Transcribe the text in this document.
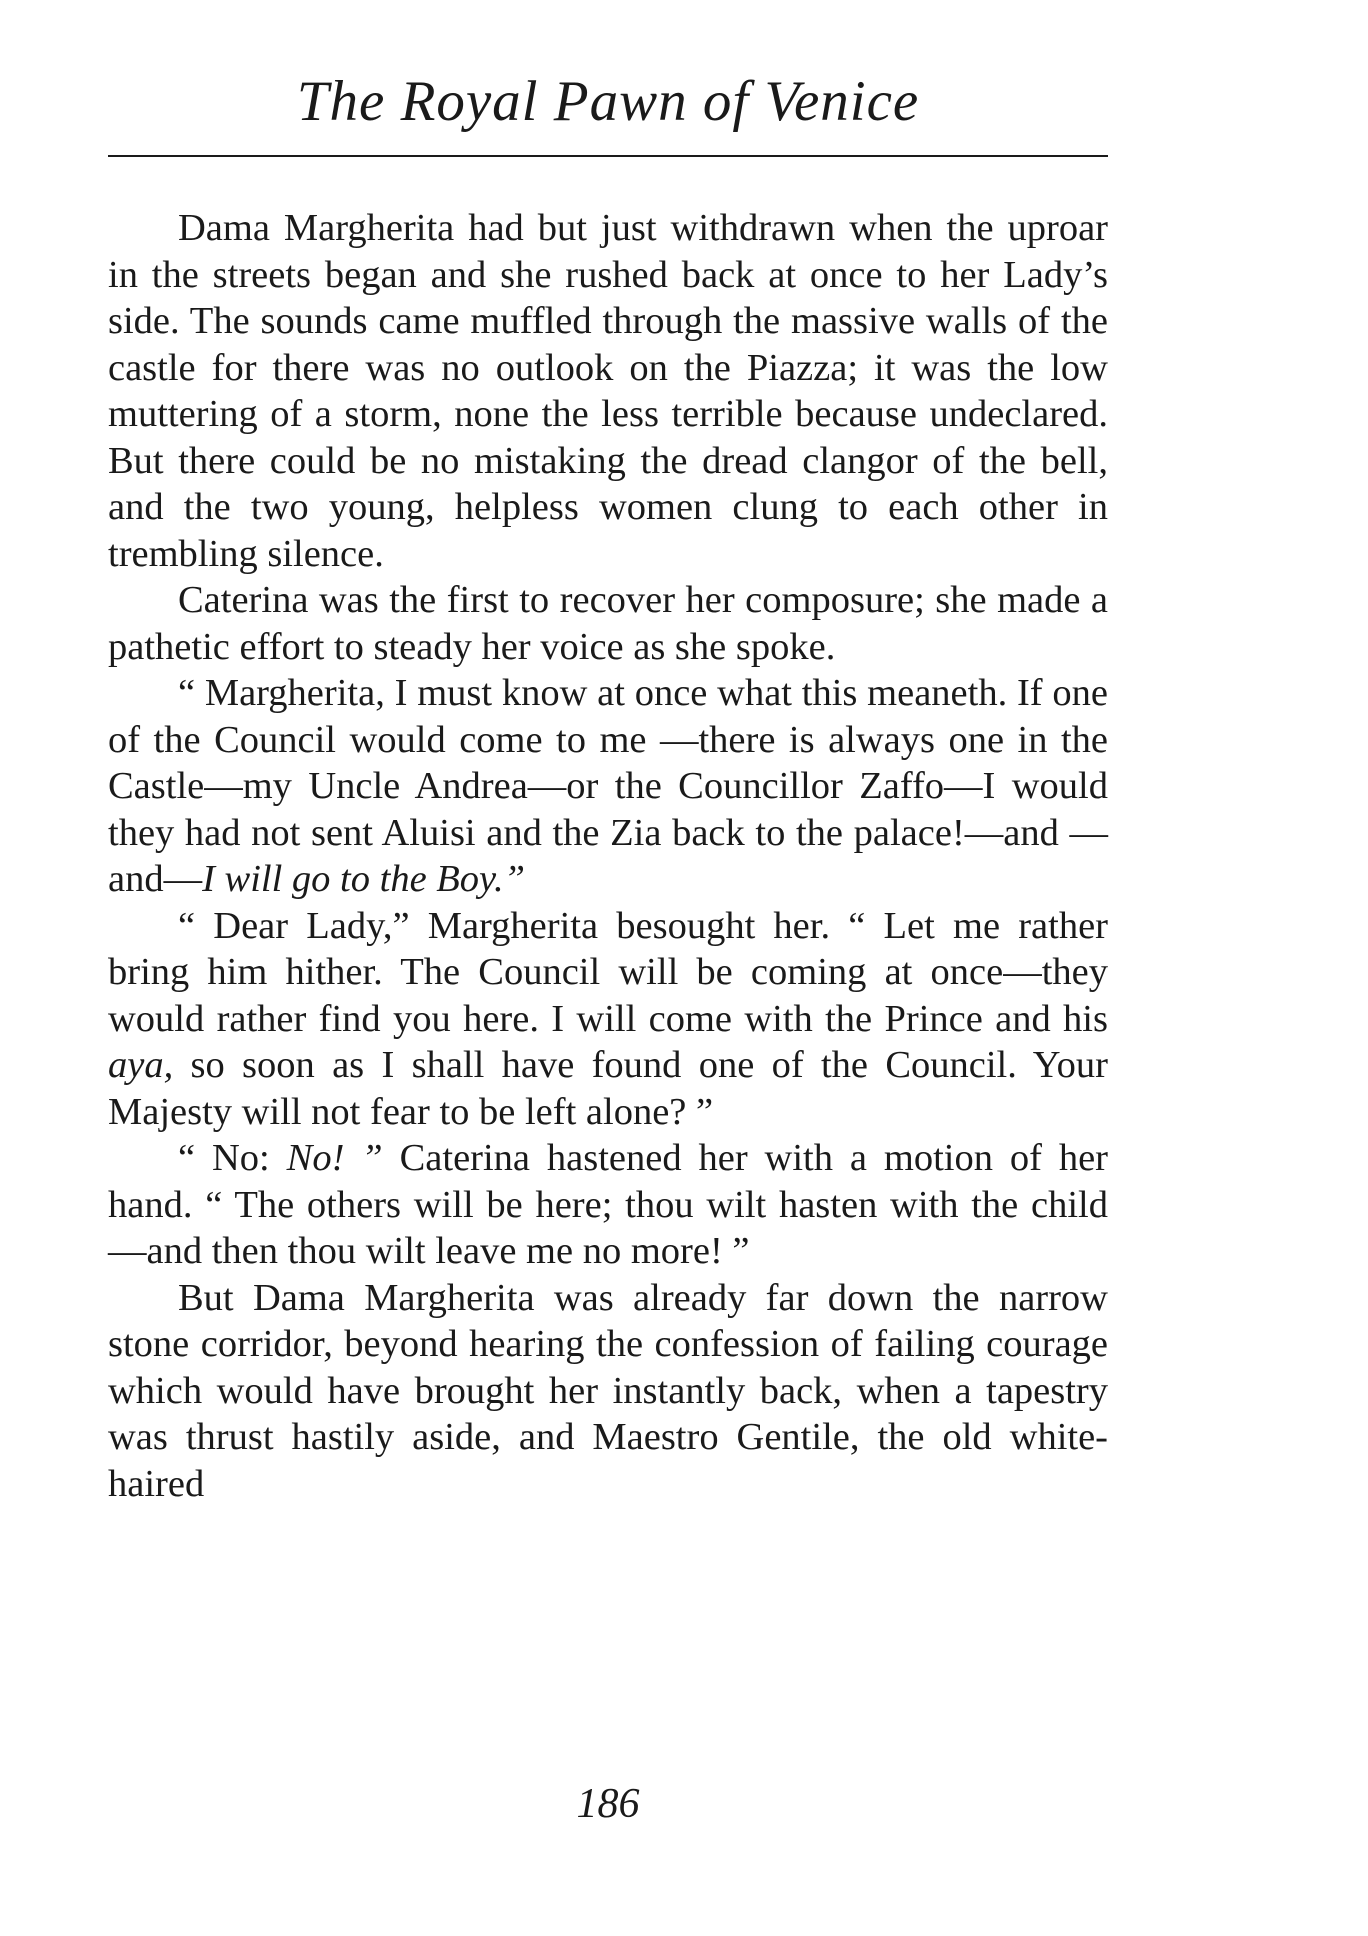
The Royal Pawn of Venice

Dama Margherita had but just withdrawn when the uproar in the streets began and she rushed back at once to her Lady’s side. The sounds came muffled through the massive walls of the castle for there was no outlook on the Piazza; it was the low muttering of a storm, none the less terrible because undeclared. But there could be no mistaking the dread clangor of the bell, and the two young, helpless women clung to each other in trembling silence.

Caterina was the first to recover her composure; she made a pathetic effort to steady her voice as she spoke.

“ Margherita, I must know at once what this meaneth. If one of the Council would come to me —there is always one in the Castle—my Uncle Andrea—or the Councillor Zaffo—I would they had not sent Aluisi and the Zia back to the palace!—and —and—I will go to the Boy.”

“ Dear Lady,” Margherita besought her. “ Let me rather bring him hither. The Council will be coming at once—they would rather find you here. I will come with the Prince and his aya, so soon as I shall have found one of the Council. Your Majesty will not fear to be left alone? ”

“ No: No! ” Caterina hastened her with a motion of her hand. “ The others will be here; thou wilt hasten with the child—and then thou wilt leave me no more! ”

But Dama Margherita was already far down the narrow stone corridor, beyond hearing the confession of failing courage which would have brought her instantly back, when a tapestry was thrust hastily aside, and Maestro Gentile, the old white-haired

186
